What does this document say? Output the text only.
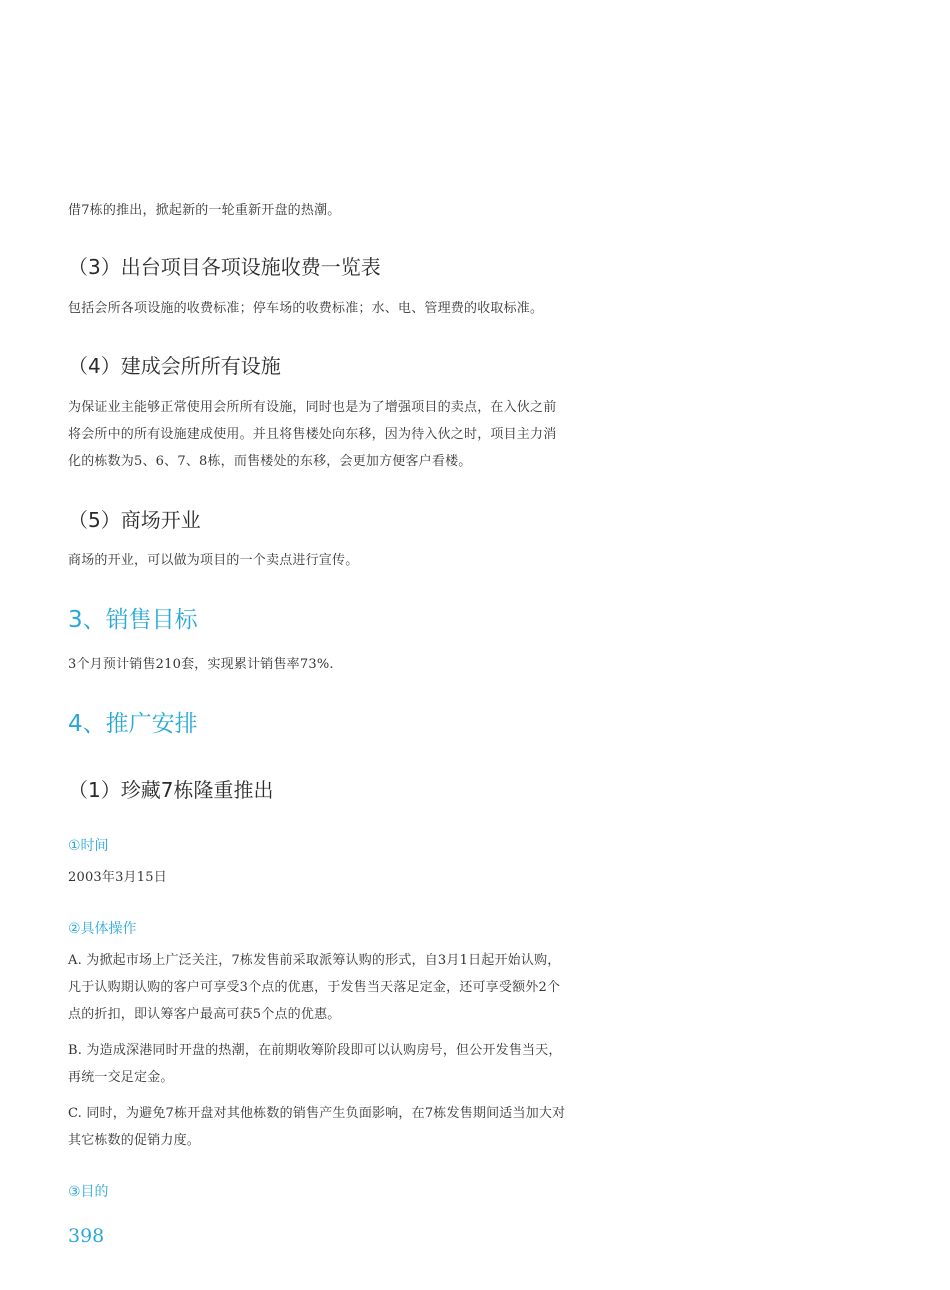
借7栋的推出，掀起新的一轮重新开盘的热潮。

（3）出台项目各项设施收费一览表

包括会所各项设施的收费标准；停车场的收费标准；水、电、管理费的收取标准。

（4）建成会所所有设施

为保证业主能够正常使用会所所有设施，同时也是为了增强项目的卖点，在入伙之前将会所中的所有设施建成使用。并且将售楼处向东移，因为待入伙之时，项目主力消化的栋数为5、6、7、8栋，而售楼处的东移，会更加方便客户看楼。

（5）商场开业

商场的开业，可以做为项目的一个卖点进行宣传。

3、销售目标

3个月预计销售210套，实现累计销售率73%.

4、推广安排
（1）珍藏7栋隆重推出
①时间

2003年3月15日

②具体操作

A. 为掀起市场上广泛关注，7栋发售前采取派筹认购的形式，自3月1日起开始认购，凡于认购期认购的客户可享受3个点的优惠，于发售当天落足定金，还可享受额外2个点的折扣，即认筹客户最高可获5个点的优惠。

B. 为造成深港同时开盘的热潮，在前期收筹阶段即可以认购房号，但公开发售当天，再统一交足定金。

C. 同时，为避免7栋开盘对其他栋数的销售产生负面影响，在7栋发售期间适当加大对其它栋数的促销力度。

③目的
398
